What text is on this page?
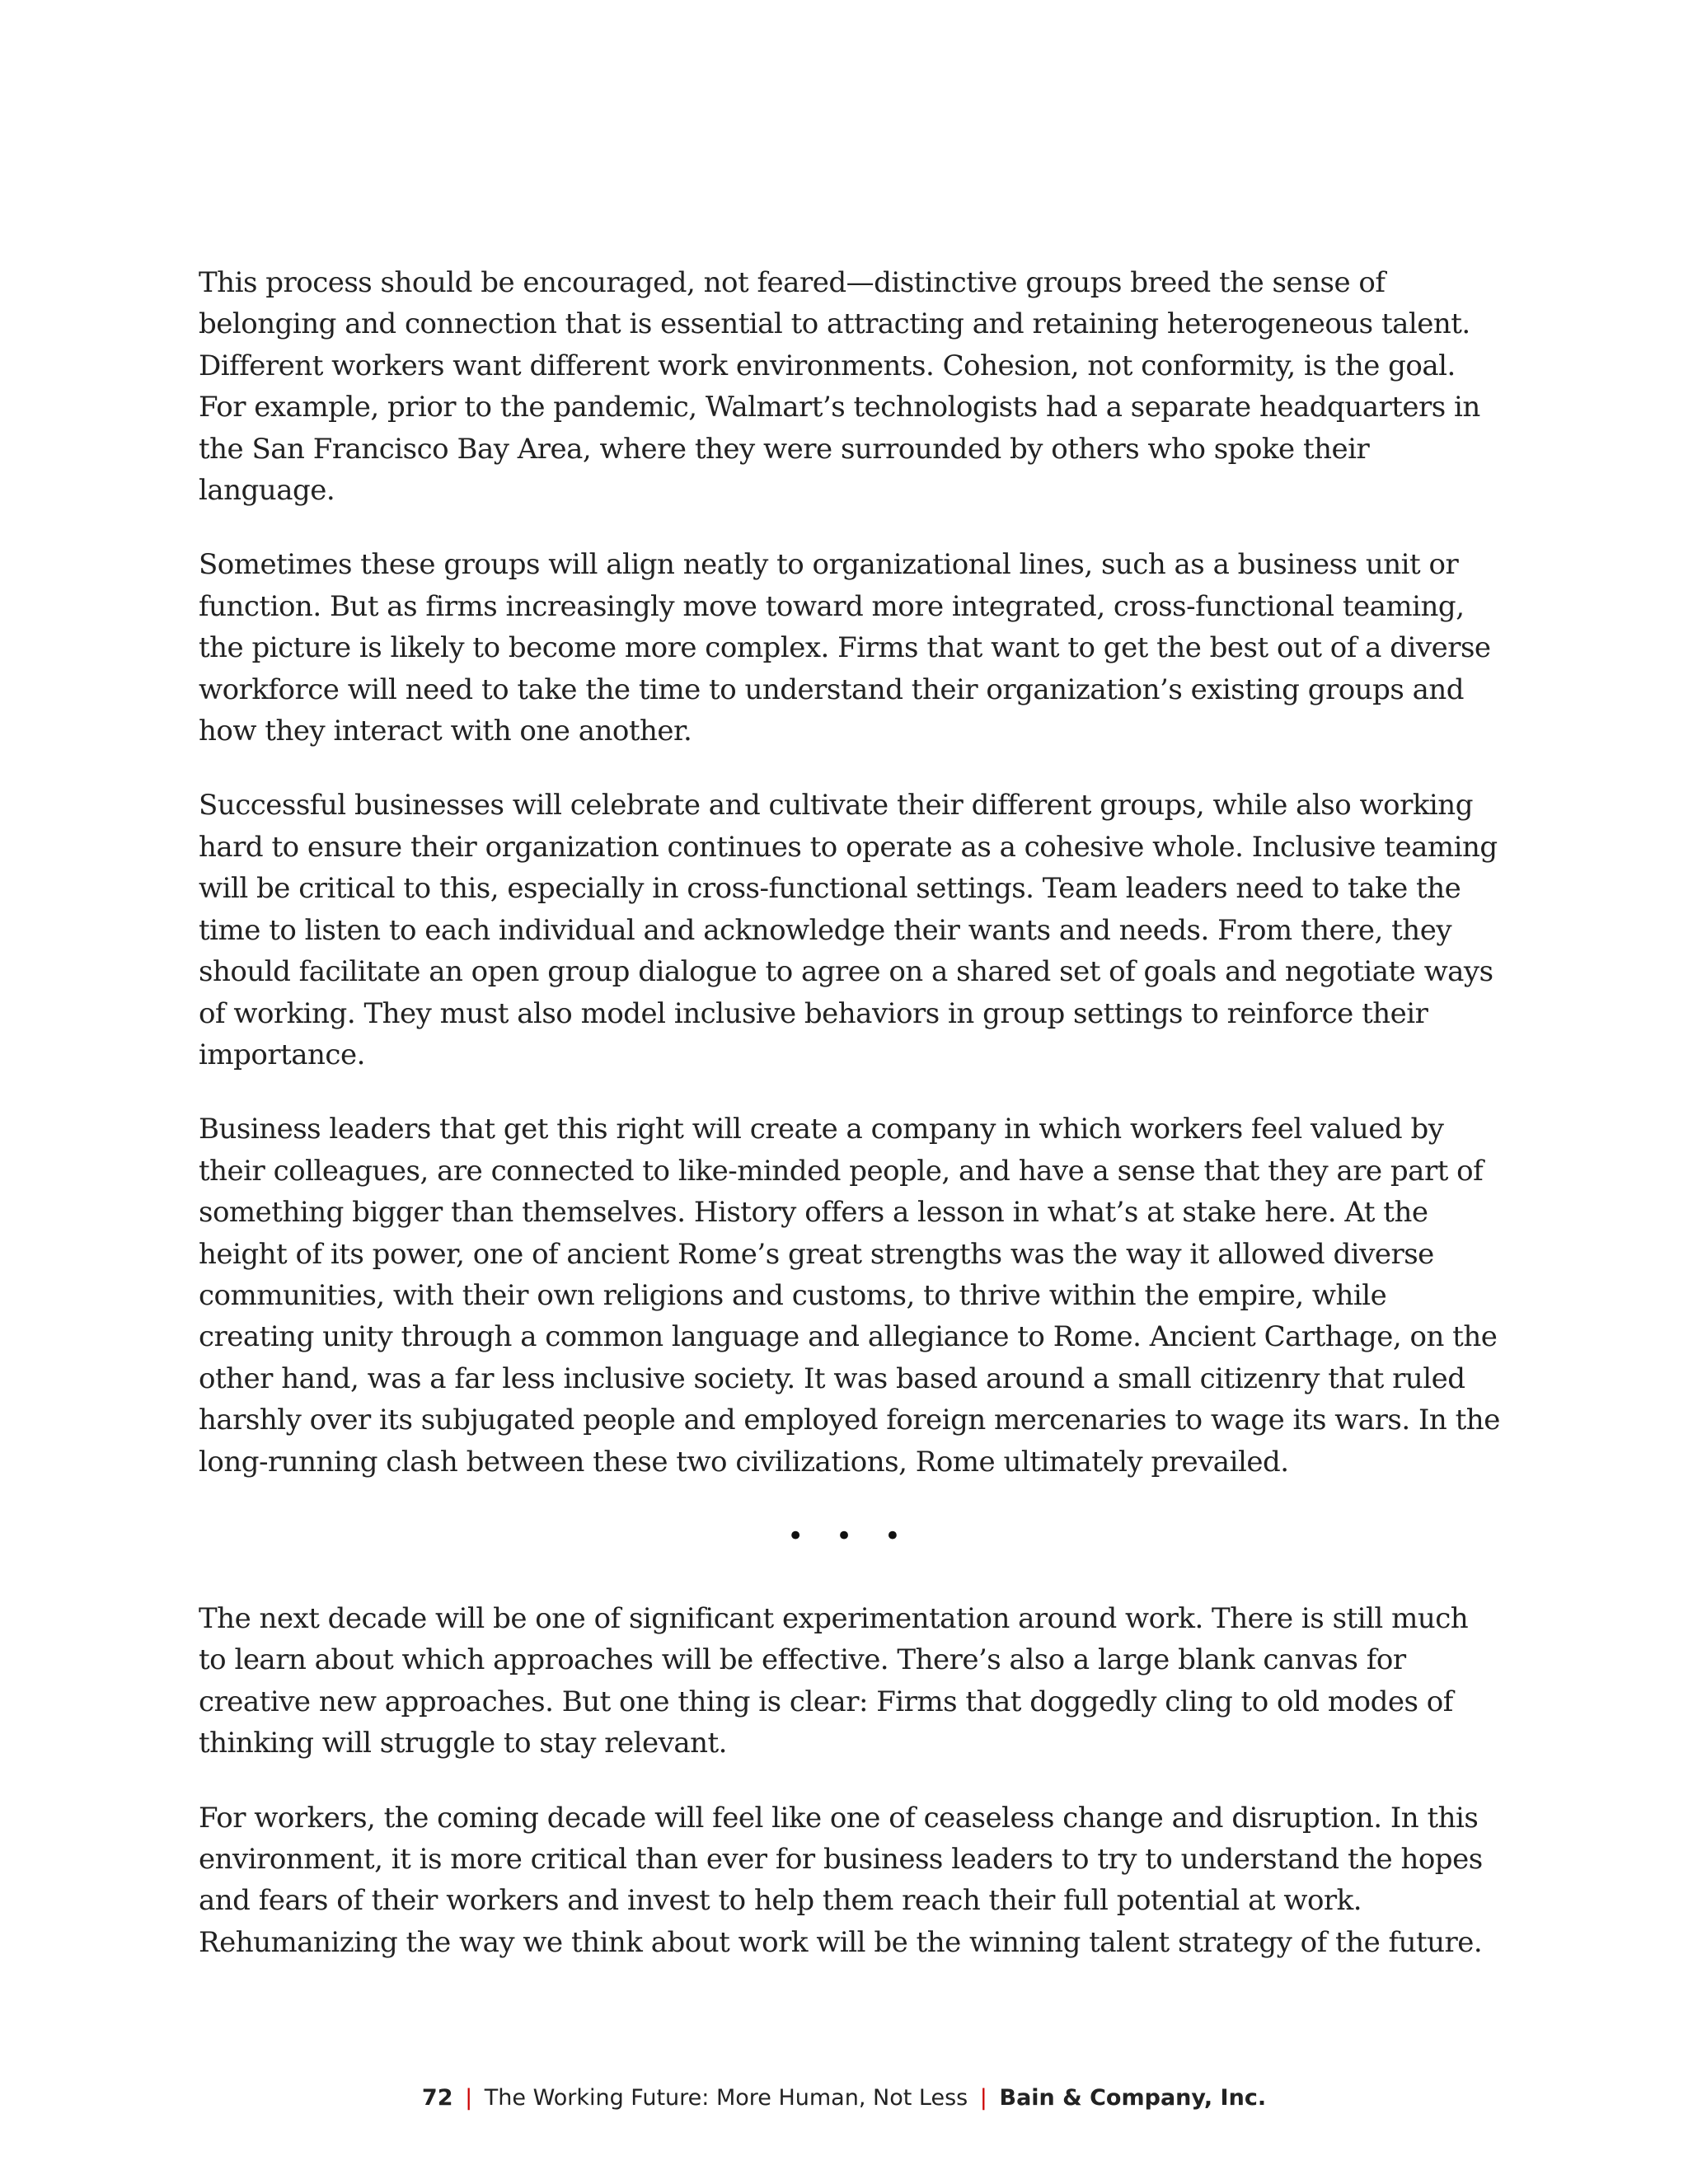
This process should be encouraged, not feared—distinctive groups breed the sense of belonging and connection that is essential to attracting and retaining heterogeneous talent. Different workers want different work environments. Cohesion, not conformity, is the goal. For example, prior to the pandemic, Walmart’s technologists had a separate headquarters in the San Francisco Bay Area, where they were surrounded by others who spoke their language.

Sometimes these groups will align neatly to organizational lines, such as a business unit or function. But as firms increasingly move toward more integrated, cross-functional teaming, the picture is likely to become more complex. Firms that want to get the best out of a diverse workforce will need to take the time to understand their organization’s existing groups and how they interact with one another.

Successful businesses will celebrate and cultivate their different groups, while also working hard to ensure their organization continues to operate as a cohesive whole. Inclusive teaming will be critical to this, especially in cross-functional settings. Team leaders need to take the time to listen to each individual and acknowledge their wants and needs. From there, they should facilitate an open group dialogue to agree on a shared set of goals and negotiate ways of working. They must also model inclusive behaviors in group settings to reinforce their importance.

Business leaders that get this right will create a company in which workers feel valued by their colleagues, are connected to like-minded people, and have a sense that they are part of something bigger than themselves. History offers a lesson in what’s at stake here. At the height of its power, one of ancient Rome’s great strengths was the way it allowed diverse communities, with their own religions and customs, to thrive within the empire, while creating unity through a common language and allegiance to Rome. Ancient Carthage, on the other hand, was a far less inclusive society. It was based around a small citizenry that ruled harshly over its subjugated people and employed foreign mercenaries to wage its wars. In the long-running clash between these two civilizations, Rome ultimately prevailed.

• • •

The next decade will be one of significant experimentation around work. There is still much to learn about which approaches will be effective. There’s also a large blank canvas for creative new approaches. But one thing is clear: Firms that doggedly cling to old modes of thinking will struggle to stay relevant.

For workers, the coming decade will feel like one of ceaseless change and disruption. In this environment, it is more critical than ever for business leaders to try to understand the hopes and fears of their workers and invest to help them reach their full potential at work. Rehumanizing the way we think about work will be the winning talent strategy of the future.

72 | The Working Future: More Human, Not Less | Bain & Company, Inc.
